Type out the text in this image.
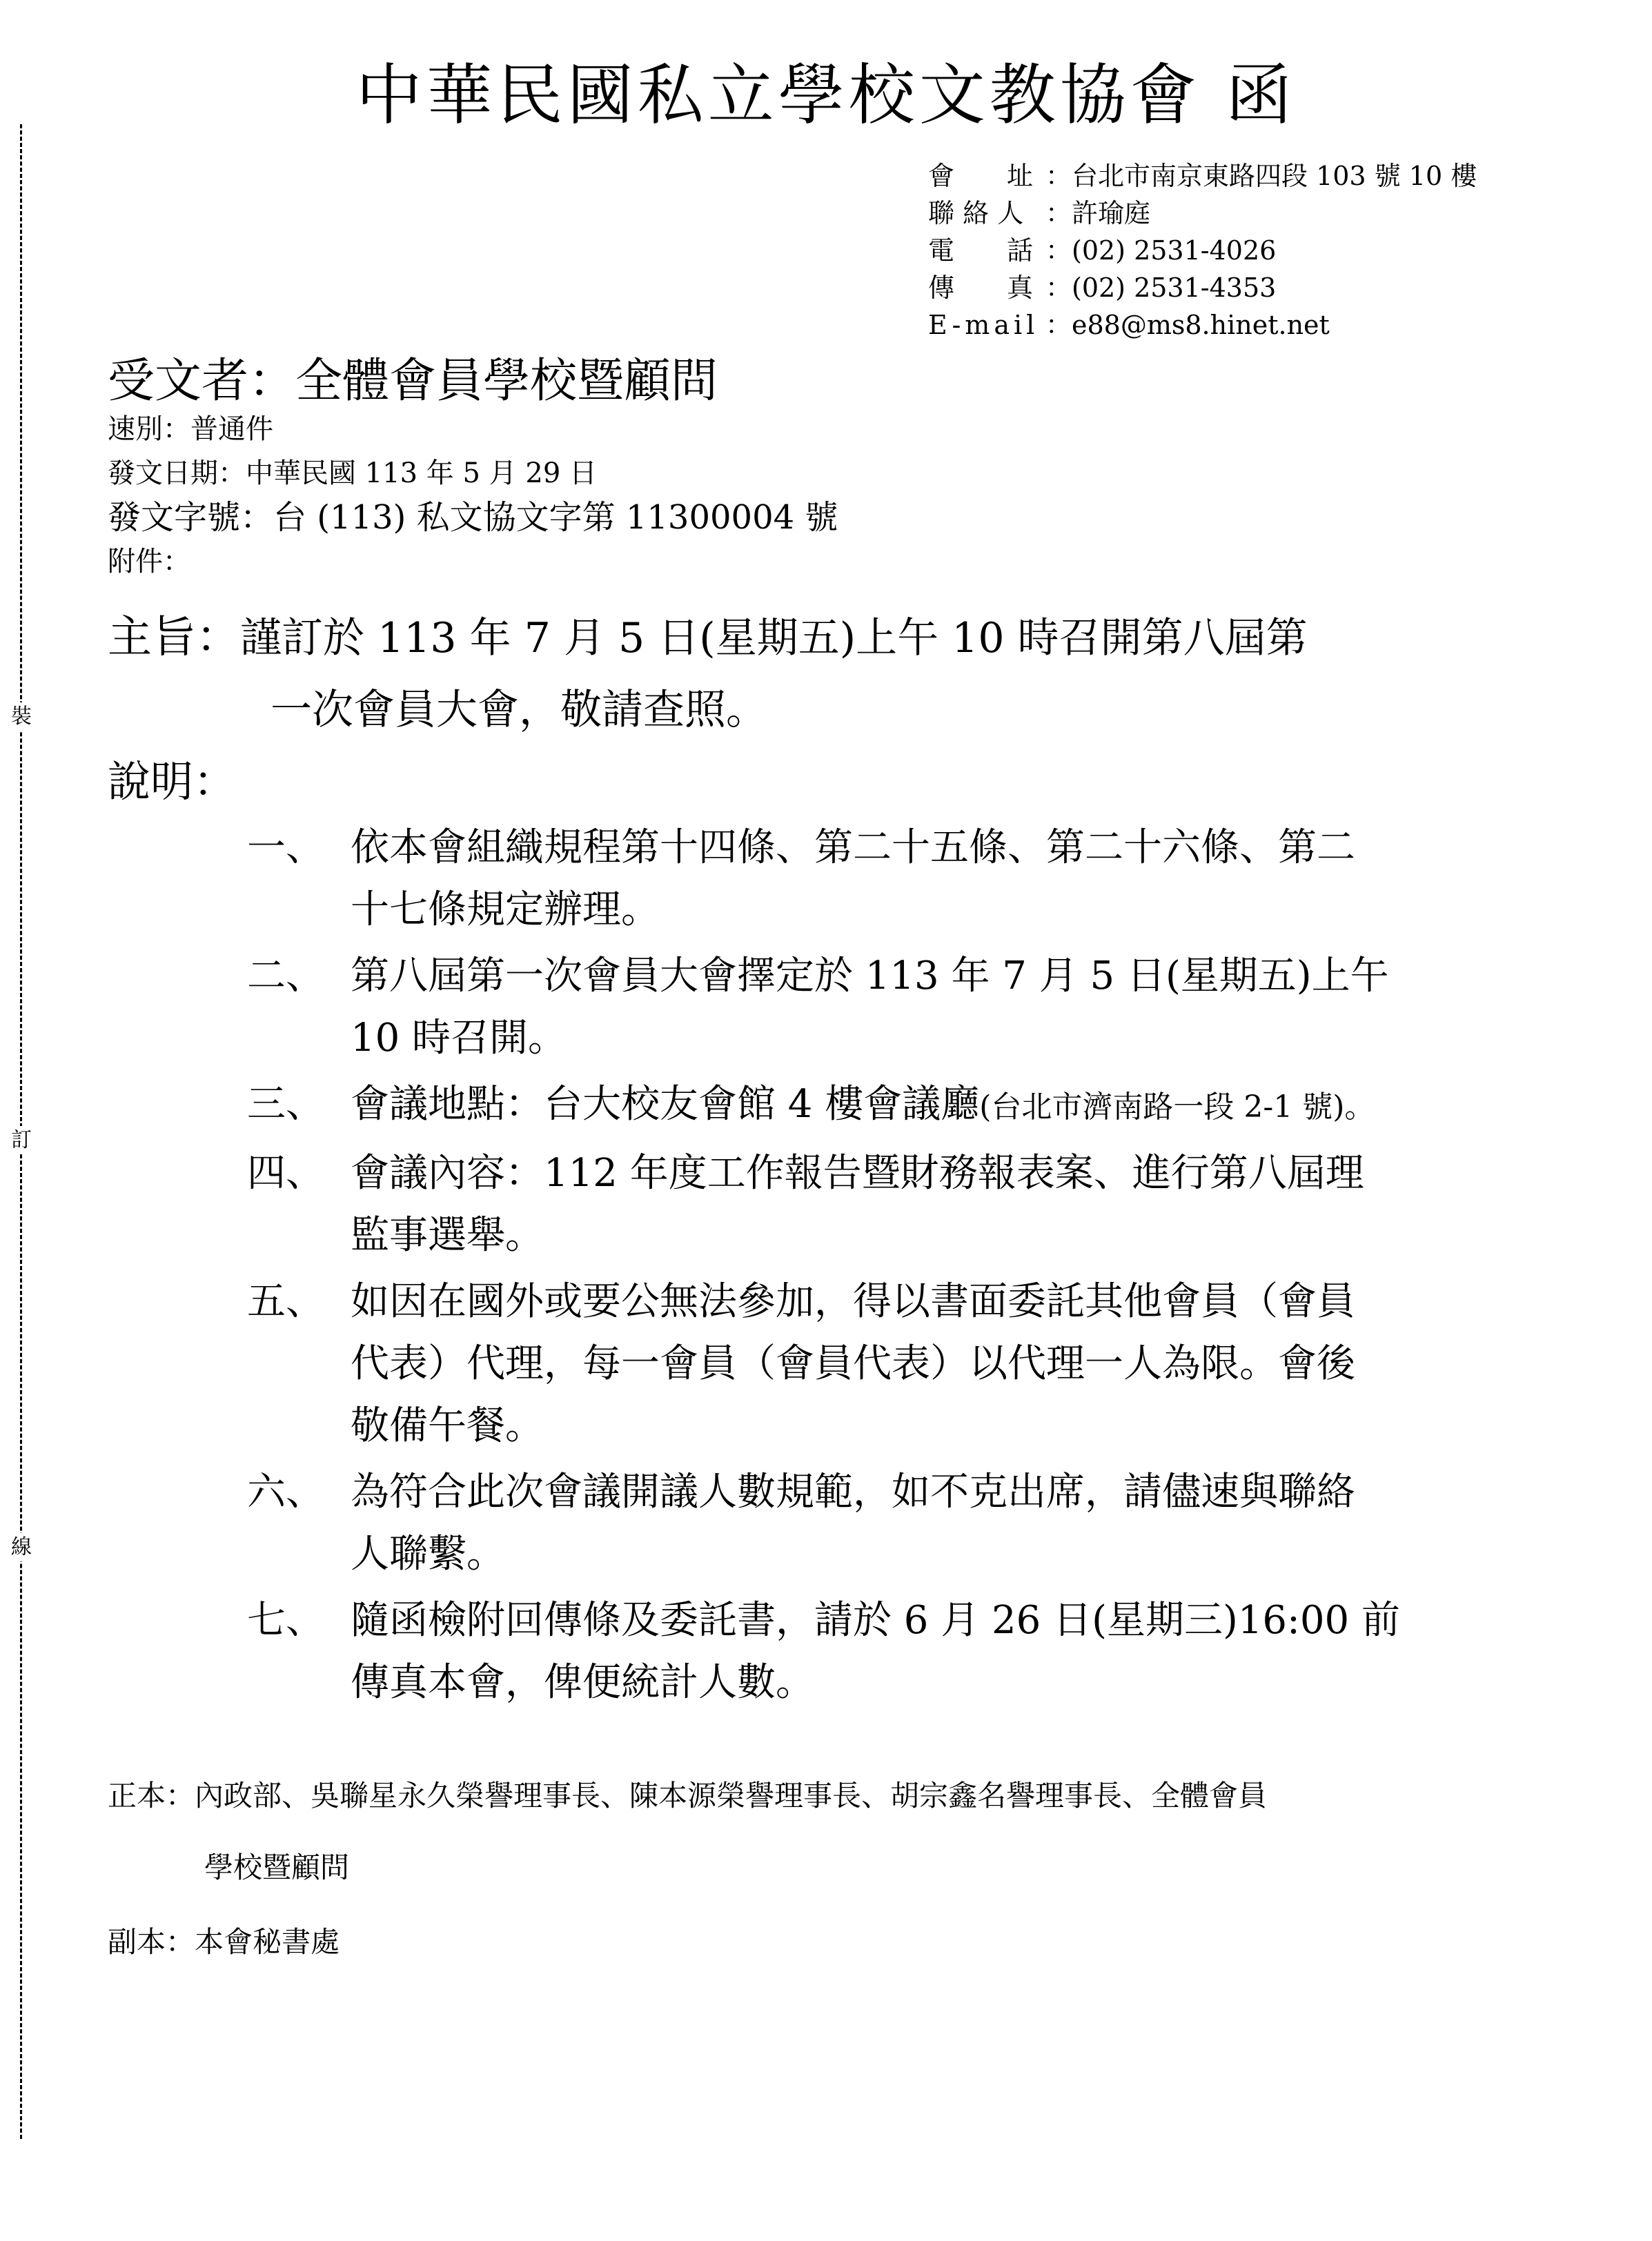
裝
訂
線
中華民國私立學校文教協會 函
會　　址 ：台北市南京東路四段 103 號 10 樓
聯 絡 人 ：許瑜庭
電　　話 ：(02) 2531-4026
傳　　真 ：(02) 2531-4353
E-mail ：e88@ms8.hinet.net
受文者：全體會員學校暨顧問
速別：普通件
發文日期：中華民國 113 年 5 月 29 日
發文字號：台 (113) 私文協文字第 11300004 號
附件：
主旨：謹訂於 113 年 7 月 5 日(星期五)上午 10 時召開第八屆第
一次會員大會，敬請查照。
說明：
一、 依本會組織規程第十四條、第二十五條、第二十六條、第二
十七條規定辦理。
二、 第八屆第一次會員大會擇定於 113 年 7 月 5 日(星期五)上午
10 時召開。
三、 會議地點：台大校友會館 4 樓會議廳(台北市濟南路一段 2-1 號)。
四、 會議內容：112 年度工作報告暨財務報表案、進行第八屆理
監事選舉。
五、 如因在國外或要公無法參加，得以書面委託其他會員（會員
代表）代理，每一會員（會員代表）以代理一人為限。會後
敬備午餐。
六、 為符合此次會議開議人數規範，如不克出席，請儘速與聯絡
人聯繫。
七、 隨函檢附回傳條及委託書，請於 6 月 26 日(星期三)16:00 前
傳真本會，俾便統計人數。
正本：內政部、吳聯星永久榮譽理事長、陳本源榮譽理事長、胡宗鑫名譽理事長、全體會員
學校暨顧問
副本：本會秘書處
